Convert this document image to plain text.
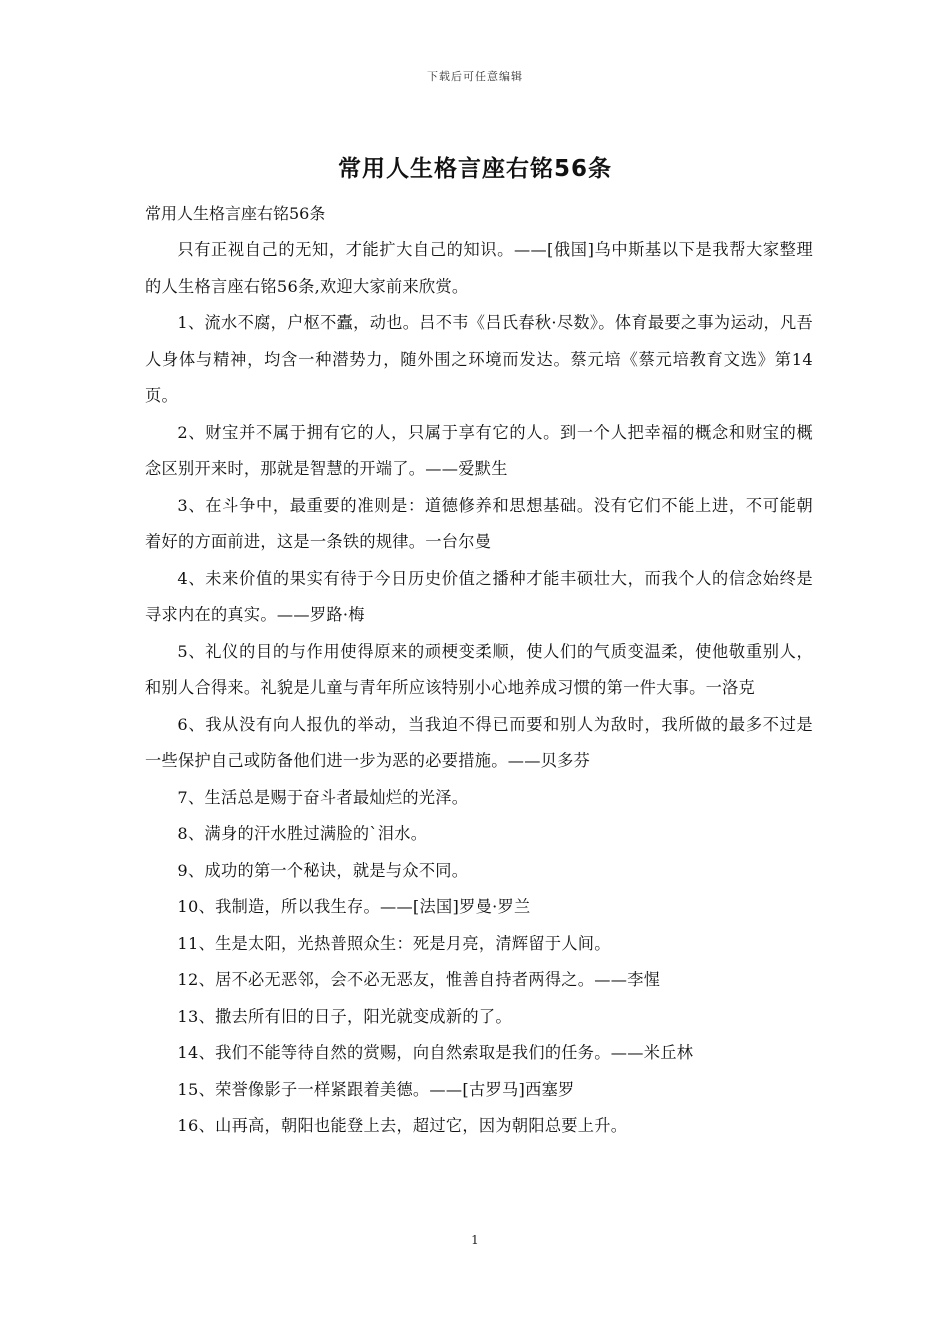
下载后可任意编辑
常用人生格言座右铭56条

常用人生格言座右铭56条

只有正视自己的无知，才能扩大自己的知识。——[俄国]乌中斯基以下是我帮大家整理的人生格言座右铭56条,欢迎大家前来欣赏。

1、流水不腐，户枢不蠹，动也。吕不韦《吕氏春秋·尽数》。体育最要之事为运动，凡吾人身体与精神，均含一种潜势力，随外围之环境而发达。蔡元培《蔡元培教育文选》第14页。

2、财宝并不属于拥有它的人，只属于享有它的人。到一个人把幸福的概念和财宝的概念区别开来时，那就是智慧的开端了。——爱默生

3、在斗争中，最重要的准则是：道德修养和思想基础。没有它们不能上进，不可能朝着好的方面前进，这是一条铁的规律。一台尔曼

4、未来价值的果实有待于今日历史价值之播种才能丰硕壮大，而我个人的信念始终是寻求内在的真实。——罗路·梅

5、礼仪的目的与作用使得原来的顽梗变柔顺，使人们的气质变温柔，使他敬重别人，和别人合得来。礼貌是儿童与青年所应该特别小心地养成习惯的第一件大事。一洛克

6、我从没有向人报仇的举动，当我迫不得已而要和别人为敌时，我所做的最多不过是一些保护自己或防备他们进一步为恶的必要措施。——贝多芬

7、生活总是赐于奋斗者最灿烂的光泽。

8、满身的汗水胜过满脸的`泪水。

9、成功的第一个秘诀，就是与众不同。

10、我制造，所以我生存。——[法国]罗曼·罗兰

11、生是太阳，光热普照众生：死是月亮，清辉留于人间。

12、居不必无恶邻，会不必无恶友，惟善自持者两得之。——李惺

13、撒去所有旧的日子，阳光就变成新的了。

14、我们不能等待自然的赏赐，向自然索取是我们的任务。——米丘林

15、荣誉像影子一样紧跟着美德。——[古罗马]西塞罗

16、山再高，朝阳也能登上去，超过它，因为朝阳总要上升。

1
